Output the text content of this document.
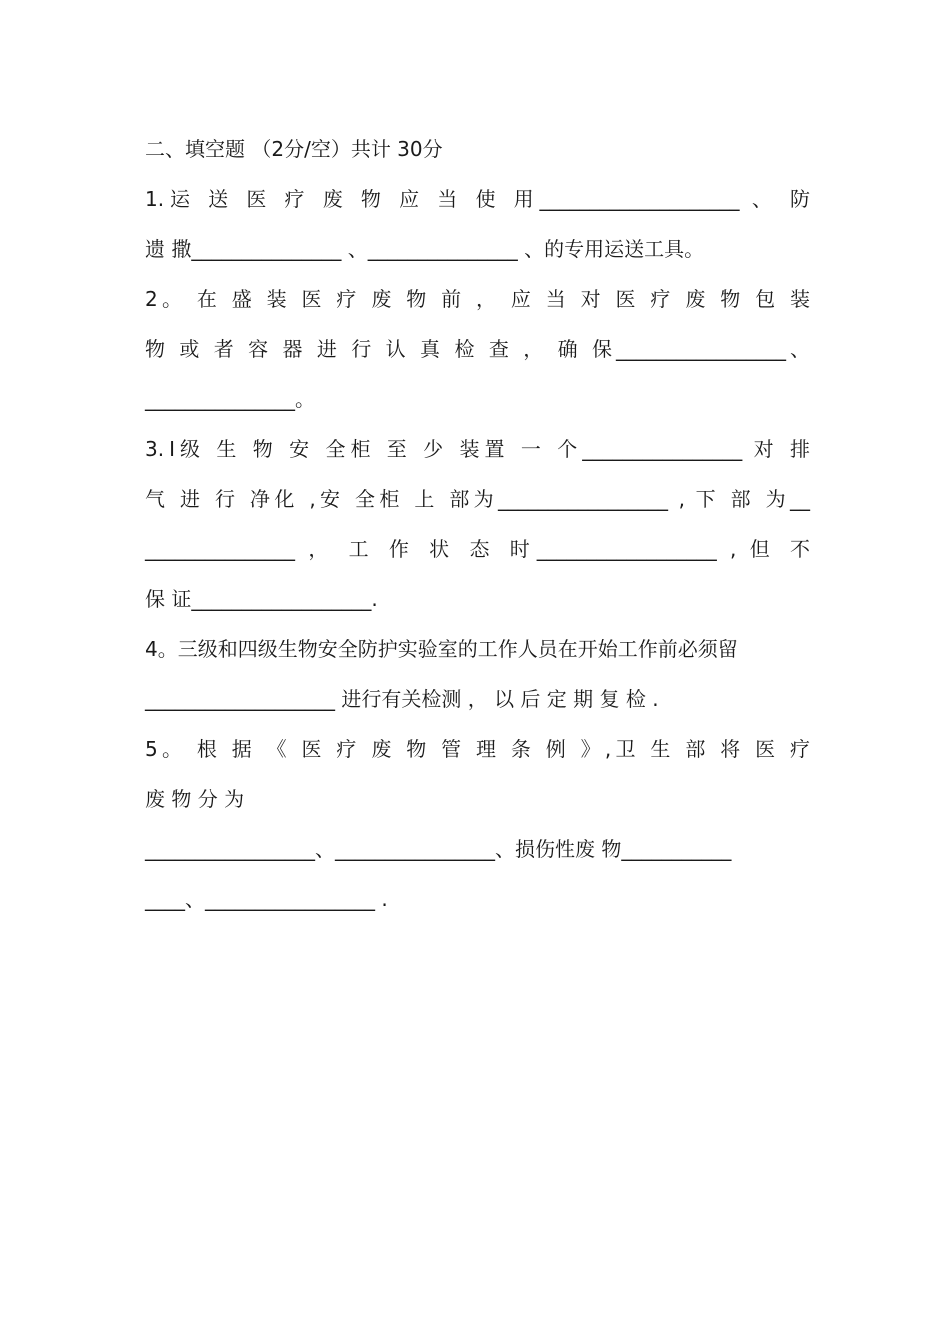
二、填空题 （2分/空）共计 30分
1.运 送 医 疗 废 物 应 当 使 用____________________ 、 防
遗 撒_______________ 、_______________ 、的专用运送工具。
2。 在 盛 装 医 疗 废 物 前 ， 应 当 对 医 疗 废 物 包 装
物 或 者 容 器 进 行 认 真 检 查 ， 确 保_________________、
_______________。
3.Ⅰ级 生 物 安 全柜 至 少 装置 一 个________________ 对 排
气 进 行 净化 ,安 全柜 上 部为_________________ , 下 部 为__
_______________ ， 工 作 状 态 时__________________ , 但 不
保 证__________________.
4。三级和四级生物安全防护实验室的工作人员在开始工作前必须留
___________________ 进行有关检测 ， 以 后 定 期 复 检 .
5。 根 据 《 医 疗 废 物 管 理 条 例 》,卫 生 部 将 医 疗
废 物 分 为
_________________、________________、损伤性废 物___________
____、_________________ .
